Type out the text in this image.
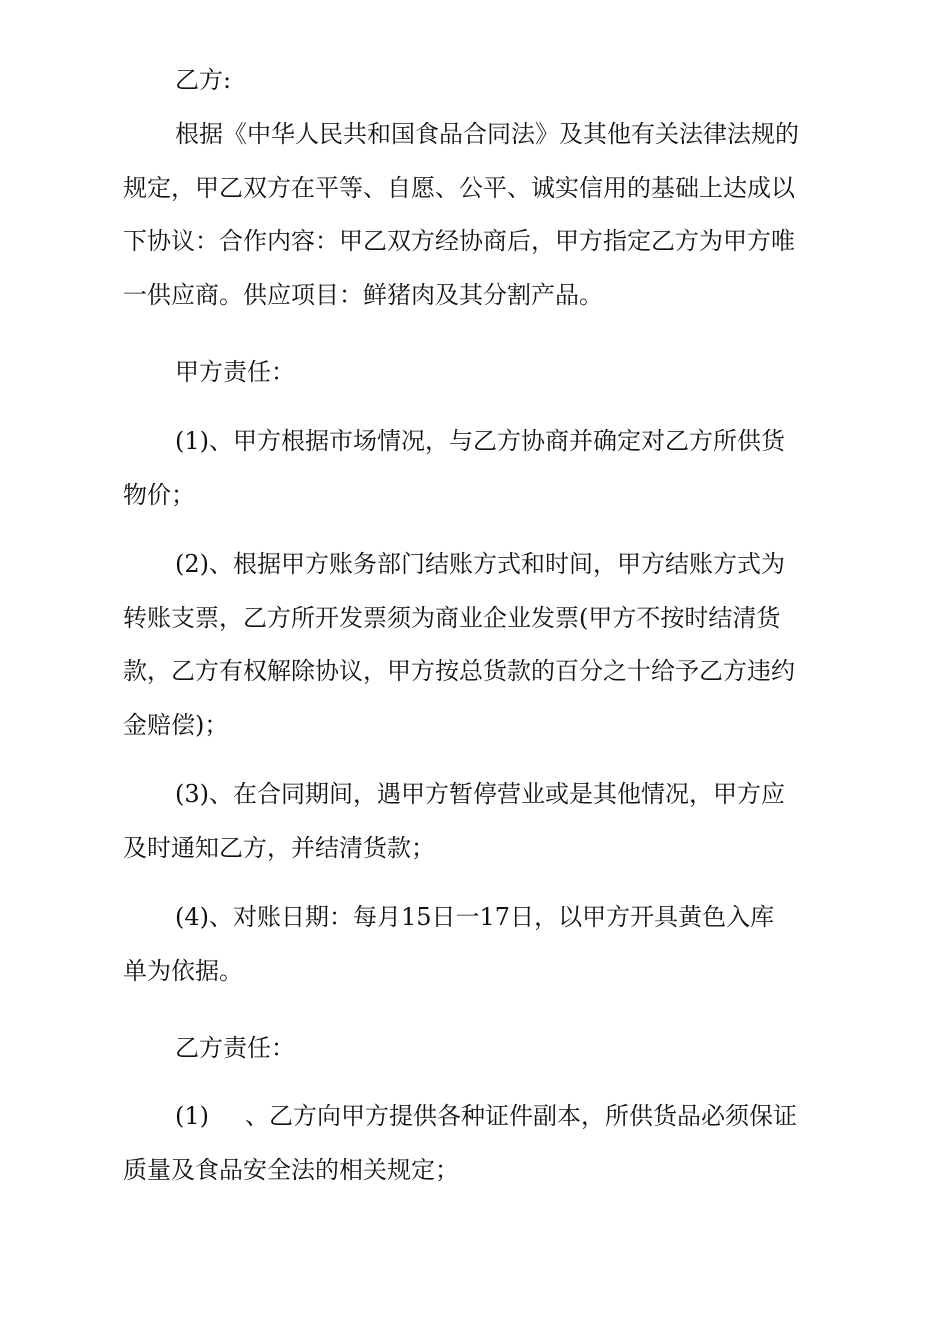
乙方:
根据《中华人民共和国食品合同法》及其他有关法律法规的
规定，甲乙双方在平等、自愿、公平、诚实信用的基础上达成以
下协议：合作内容：甲乙双方经协商后，甲方指定乙方为甲方唯
一供应商。供应项目：鲜猪肉及其分割产品。
甲方责任：
(1)、甲方根据市场情况，与乙方协商并确定对乙方所供货
物价；
(2)、根据甲方账务部门结账方式和时间，甲方结账方式为
转账支票，乙方所开发票须为商业企业发票(甲方不按时结清货
款，乙方有权解除协议，甲方按总货款的百分之十给予乙方违约
金赔偿)；
(3)、在合同期间，遇甲方暂停营业或是其他情况，甲方应
及时通知乙方，并结清货款；
(4)、对账日期：每月15日一17日，以甲方开具黄色入库
单为依据。
乙方责任：
(1) 、乙方向甲方提供各种证件副本，所供货品必须保证
质量及食品安全法的相关规定；
